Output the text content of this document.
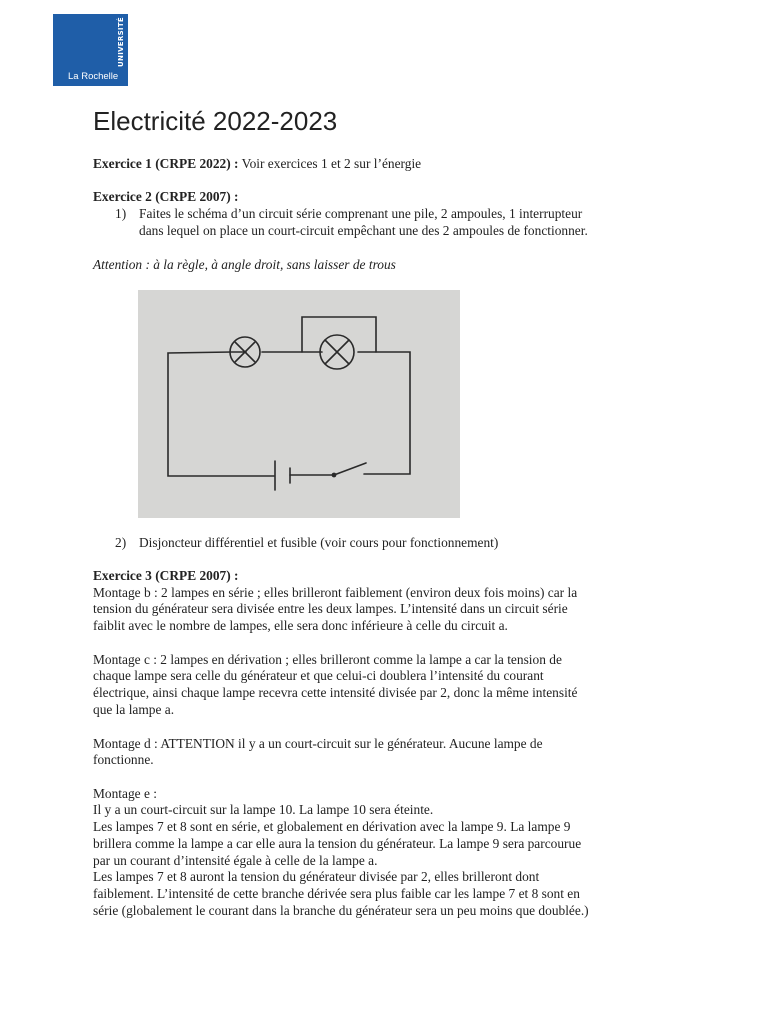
UNIVERSITÉ
La Rochelle
Electricité 2022-2023
Exercice 1 (CRPE 2022) : Voir exercices 1 et 2 sur l’énergie
Exercice 2 (CRPE 2007) :
1) Faites le schéma d’un circuit série comprenant une pile, 2 ampoules, 1 interrupteur
dans lequel on place un court-circuit empêchant une des 2 ampoules de fonctionner.
Attention : à la règle, à angle droit, sans laisser de trous
2) Disjoncteur différentiel et fusible (voir cours pour fonctionnement)
Exercice 3 (CRPE 2007) :
Montage b : 2 lampes en série ; elles brilleront faiblement (environ deux fois moins) car la
tension du générateur sera divisée entre les deux lampes. L’intensité dans un circuit série
faiblit avec le nombre de lampes, elle sera donc inférieure à celle du circuit a.
Montage c : 2 lampes en dérivation ; elles brilleront comme la lampe a car la tension de
chaque lampe sera celle du générateur et que celui-ci doublera l’intensité du courant
électrique, ainsi chaque lampe recevra cette intensité divisée par 2, donc la même intensité
que la lampe a.
Montage d : ATTENTION il y a un court-circuit sur le générateur. Aucune lampe de
fonctionne.
Montage e :
Il y a un court-circuit sur la lampe 10. La lampe 10 sera éteinte.
Les lampes 7 et 8 sont en série, et globalement en dérivation avec la lampe 9. La lampe 9
brillera comme la lampe a car elle aura la tension du générateur. La lampe 9 sera parcourue
par un courant d’intensité égale à celle de la lampe a.
Les lampes 7 et 8 auront la tension du générateur divisée par 2, elles brilleront dont
faiblement. L’intensité de cette branche dérivée sera plus faible car les lampe 7 et 8 sont en
série (globalement le courant dans la branche du générateur sera un peu moins que doublée.)
